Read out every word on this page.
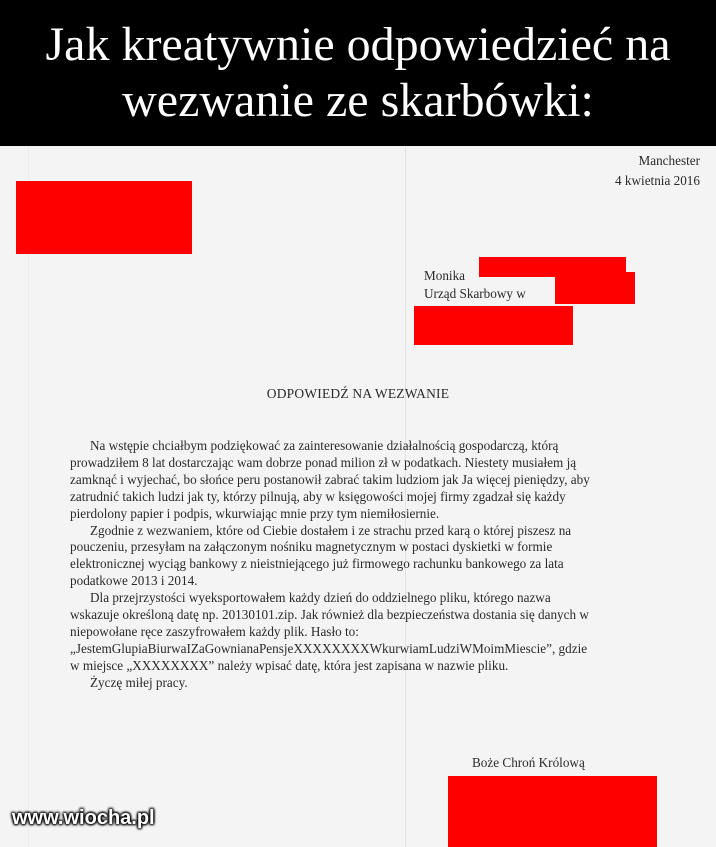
Jak kreatywnie odpowiedzieć na
wezwanie ze skarbówki:
Manchester
4 kwietnia 2016
Monika
Urząd Skarbowy w
ODPOWIEDŹ NA WEZWANIE
Na wstępie chciałbym podziękować za zainteresowanie działalnością gospodarczą, którą
prowadziłem 8 lat dostarczając wam dobrze ponad milion zł w podatkach. Niestety musiałem ją
zamknąć i wyjechać, bo słońce peru postanowił zabrać takim ludziom jak Ja więcej pieniędzy, aby
zatrudnić takich ludzi jak ty, którzy pilnują, aby w księgowości mojej firmy zgadzał się każdy
pierdolony papier i podpis, wkurwiając mnie przy tym niemiłosiernie.
Zgodnie z wezwaniem, które od Ciebie dostałem i ze strachu przed karą o której piszesz na
pouczeniu, przesyłam na załączonym nośniku magnetycznym w postaci dyskietki w formie
elektronicznej wyciąg bankowy z nieistniejącego już firmowego rachunku bankowego za lata
podatkowe 2013 i 2014.
Dla przejrzystości wyeksportowałem każdy dzień do oddzielnego pliku, którego nazwa
wskazuje określoną datę np. 20130101.zip. Jak również dla bezpieczeństwa dostania się danych w
niepowołane ręce zaszyfrowałem każdy plik. Hasło to:
„JestemGlupiaBiurwaIZaGownianaPensjeXXXXXXXXWkurwiamLudziWMoimMiescie”, gdzie
w miejsce „XXXXXXXX” należy wpisać datę, która jest zapisana w nazwie pliku.
Życzę miłej pracy.
Boże Chroń Królową
www.wiocha.pl
